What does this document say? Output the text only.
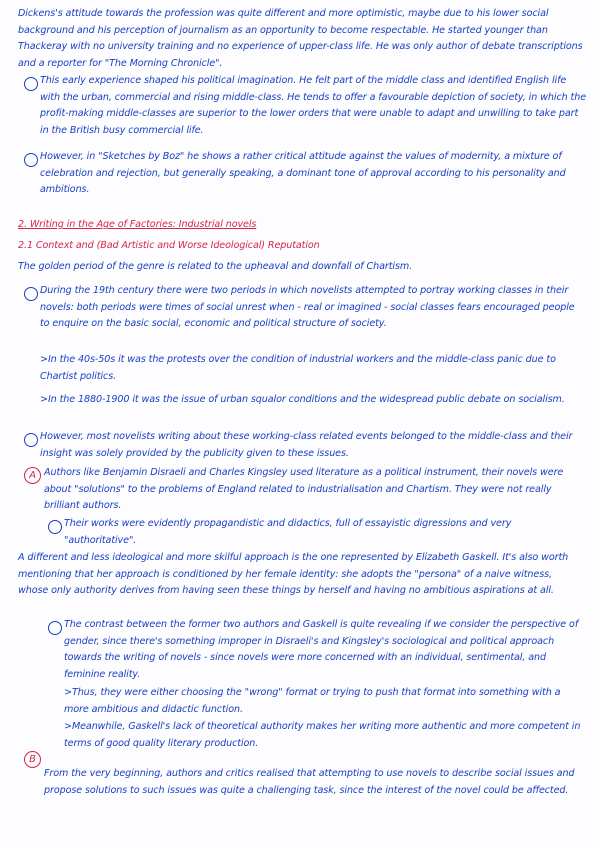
Dickens's attitude towards the profession was quite different and more optimistic, maybe due to his lower social background and his perception of journalism as an opportunity to become respectable. He started younger than Thackeray with no university training and no experience of upper-class life. He was only author of debate transcriptions and a reporter for "The Morning Chronicle".
This early experience shaped his political imagination. He felt part of the middle class and identified English life with the urban, commercial and rising middle-class. He tends to offer a favourable depiction of society, in which the profit-making middle-classes are superior to the lower orders that were unable to adapt and unwilling to take part in the British busy commercial life.
However, in "Sketches by Boz" he shows a rather critical attitude against the values of modernity, a mixture of celebration and rejection, but generally speaking, a dominant tone of approval according to his personality and ambitions.
2. Writing in the Age of Factories: Industrial novels
2.1 Context and (Bad Artistic and Worse Ideological) Reputation
The golden period of the genre is related to the upheaval and downfall of Chartism.
During the 19th century there were two periods in which novelists attempted to portray working classes in their novels: both periods were times of social unrest when - real or imagined - social classes fears encouraged people to enquire on the basic social, economic and political structure of society.
>In the 40s-50s it was the protests over the condition of industrial workers and the middle-class panic due to Chartist politics.
>In the 1880-1900 it was the issue of urban squalor conditions and the widespread public debate on socialism.
However, most novelists writing about these working-class related events belonged to the middle-class and their insight was solely provided by the publicity given to these issues.
A Authors like Benjamin Disraeli and Charles Kingsley used literature as a political instrument, their novels were about "solutions" to the problems of England related to industrialisation and Chartism. They were not really brilliant authors.
Their works were evidently propagandistic and didactics, full of essayistic digressions and very "authoritative".
A different and less ideological and more skilful approach is the one represented by Elizabeth Gaskell. It's also worth mentioning that her approach is conditioned by her female identity: she adopts the "persona" of a naive witness, whose only authority derives from having seen these things by herself and having no ambitious aspirations at all.
The contrast between the former two authors and Gaskell is quite revealing if we consider the perspective of gender, since there's something improper in Disraeli's and Kingsley's sociological and political approach towards the writing of novels - since novels were more concerned with an individual, sentimental, and feminine reality.
>Thus, they were either choosing the "wrong" format or trying to push that format into something with a more ambitious and didactic function.
>Meanwhile, Gaskell's lack of theoretical authority makes her writing more authentic and more competent in terms of good quality literary production.
B
From the very beginning, authors and critics realised that attempting to use novels to describe social issues and propose solutions to such issues was quite a challenging task, since the interest of the novel could be affected.
